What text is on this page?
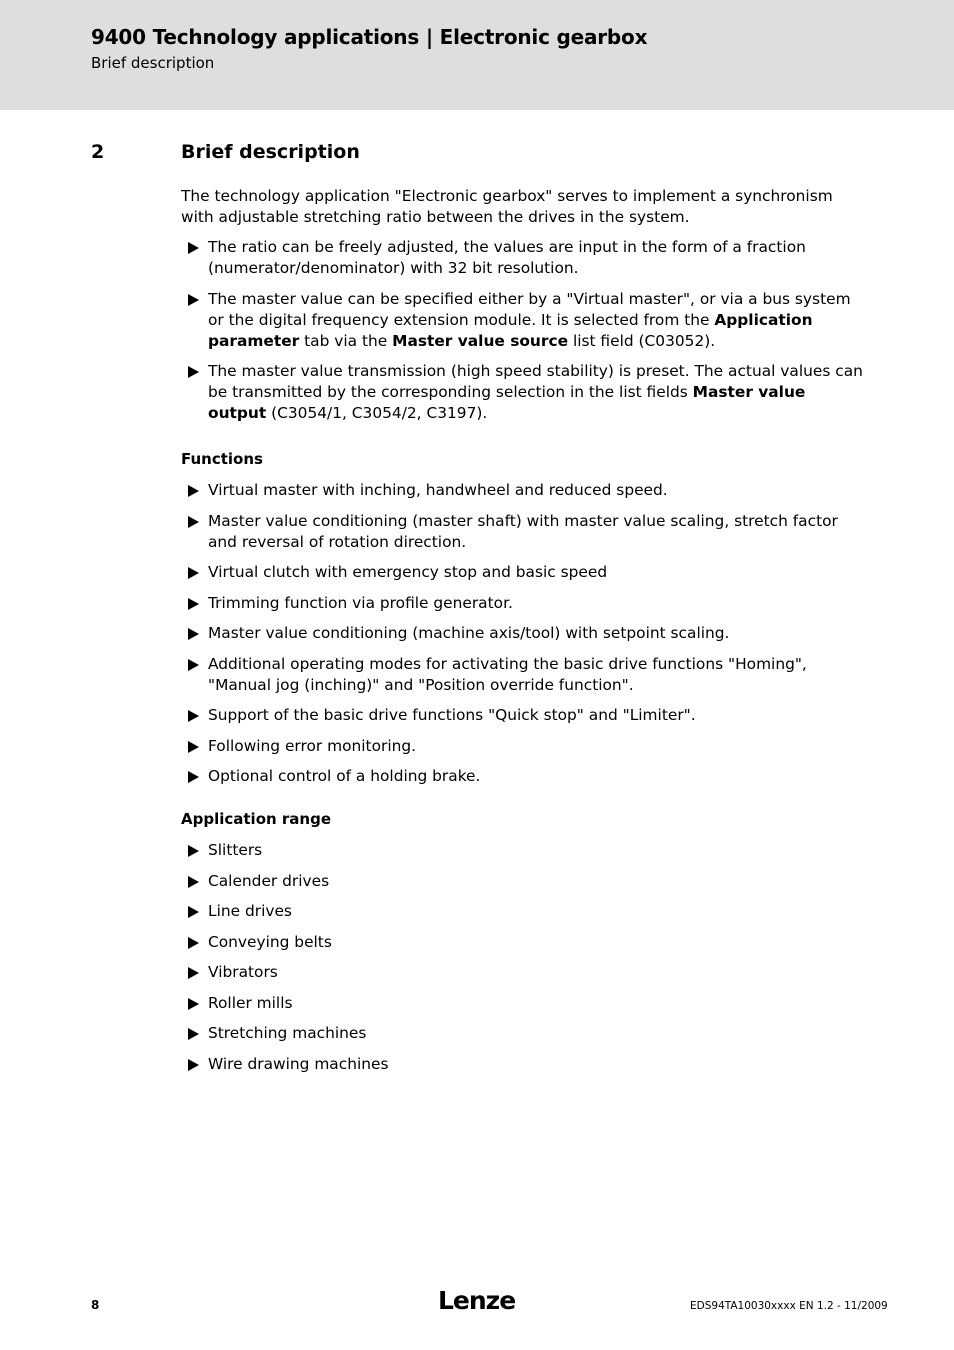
9400 Technology applications | Electronic gearbox
Brief description
2	Brief description

The technology application "Electronic gearbox" serves to implement a synchronism with adjustable stretching ratio between the drives in the system.

The ratio can be freely adjusted, the values are input in the form of a fraction (numerator/denominator) with 32 bit resolution.
The master value can be specified either by a "Virtual master", or via a bus system or the digital frequency extension module. It is selected from the Application parameter tab via the Master value source list field (C03052).
The master value transmission (high speed stability) is preset. The actual values can be transmitted by the corresponding selection in the list fields Master value output (C3054/1, C3054/2, C3197).
Functions
Virtual master with inching, handwheel and reduced speed.
Master value conditioning (master shaft) with master value scaling, stretch factor and reversal of rotation direction.
Virtual clutch with emergency stop and basic speed
Trimming function via profile generator.
Master value conditioning (machine axis/tool) with setpoint scaling.
Additional operating modes for activating the basic drive functions "Homing", "Manual jog (inching)" and "Position override function".
Support of the basic drive functions "Quick stop" and "Limiter".
Following error monitoring.
Optional control of a holding brake.
Application range
Slitters
Calender drives
Line drives
Conveying belts
Vibrators
Roller mills
Stretching machines
Wire drawing machines
8	Lenze	EDS94TA10030xxxx EN 1.2 - 11/2009
